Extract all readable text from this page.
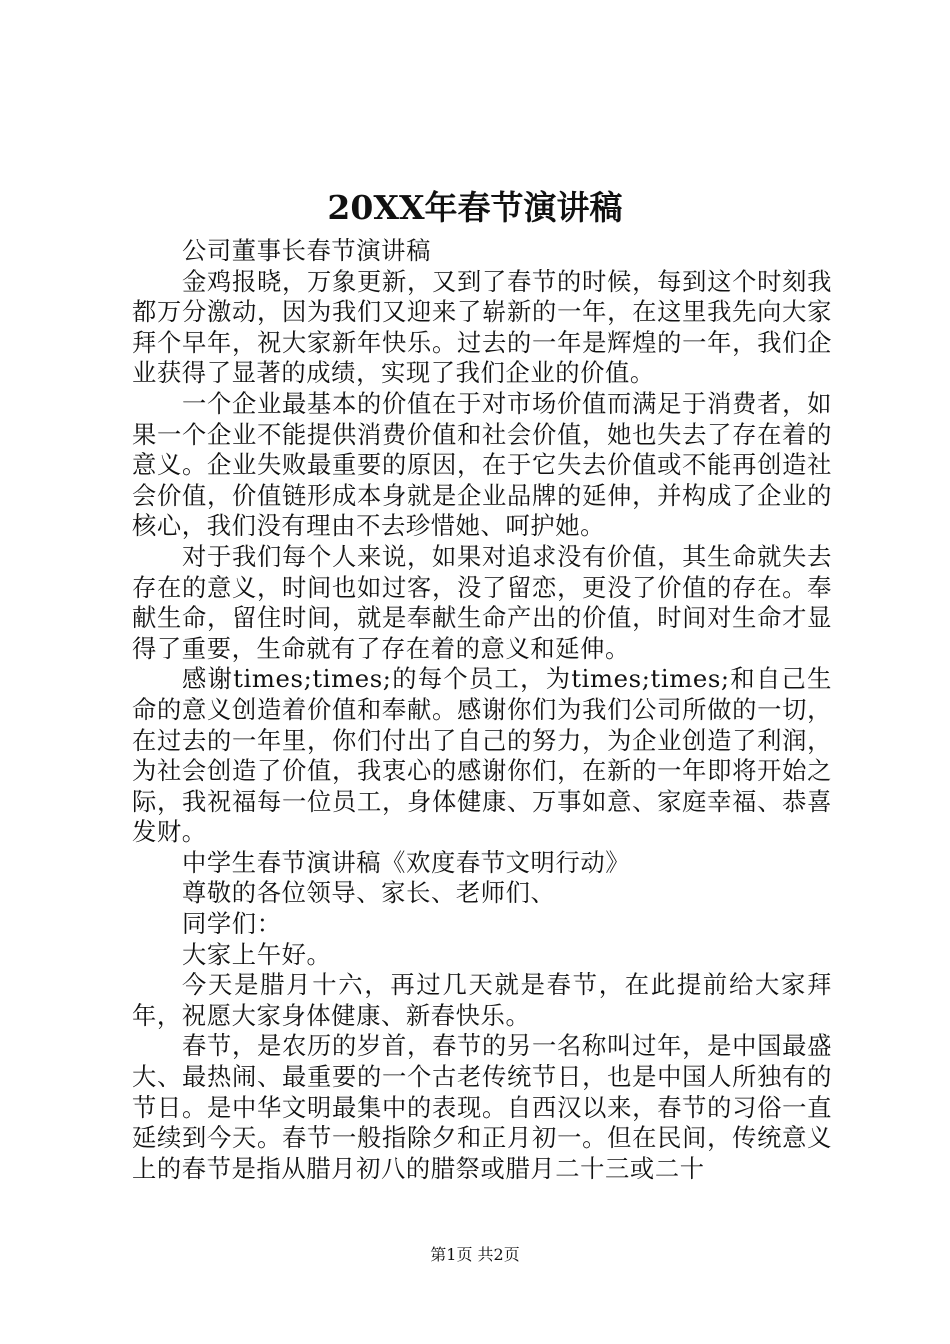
20XX年春节演讲稿

公司董事长春节演讲稿

金鸡报晓，万象更新，又到了春节的时候，每到这个时刻我都万分激动，因为我们又迎来了崭新的一年，在这里我先向大家拜个早年，祝大家新年快乐。过去的一年是辉煌的一年，我们企业获得了显著的成绩，实现了我们企业的价值。

一个企业最基本的价值在于对市场价值而满足于消费者，如果一个企业不能提供消费价值和社会价值，她也失去了存在着的意义。企业失败最重要的原因，在于它失去价值或不能再创造社会价值，价值链形成本身就是企业品牌的延伸，并构成了企业的核心，我们没有理由不去珍惜她、呵护她。

对于我们每个人来说，如果对追求没有价值，其生命就失去存在的意义，时间也如过客，没了留恋，更没了价值的存在。奉献生命，留住时间，就是奉献生命产出的价值，时间对生命才显得了重要，生命就有了存在着的意义和延伸。

感谢times;times;的每个员工，为times;times;和自己生命的意义创造着价值和奉献。感谢你们为我们公司所做的一切，在过去的一年里，你们付出了自己的努力，为企业创造了利润，为社会创造了价值，我衷心的感谢你们，在新的一年即将开始之际，我祝福每一位员工，身体健康、万事如意、家庭幸福、恭喜发财。

中学生春节演讲稿《欢度春节文明行动》

尊敬的各位领导、家长、老师们、

同学们：

大家上午好。

今天是腊月十六，再过几天就是春节，在此提前给大家拜年，祝愿大家身体健康、新春快乐。

春节，是农历的岁首，春节的另一名称叫过年，是中国最盛大、最热闹、最重要的一个古老传统节日，也是中国人所独有的节日。是中华文明最集中的表现。自西汉以来，春节的习俗一直延续到今天。春节一般指除夕和正月初一。但在民间，传统意义上的春节是指从腊月初八的腊祭或腊月二十三或二十

第1页 共2页
